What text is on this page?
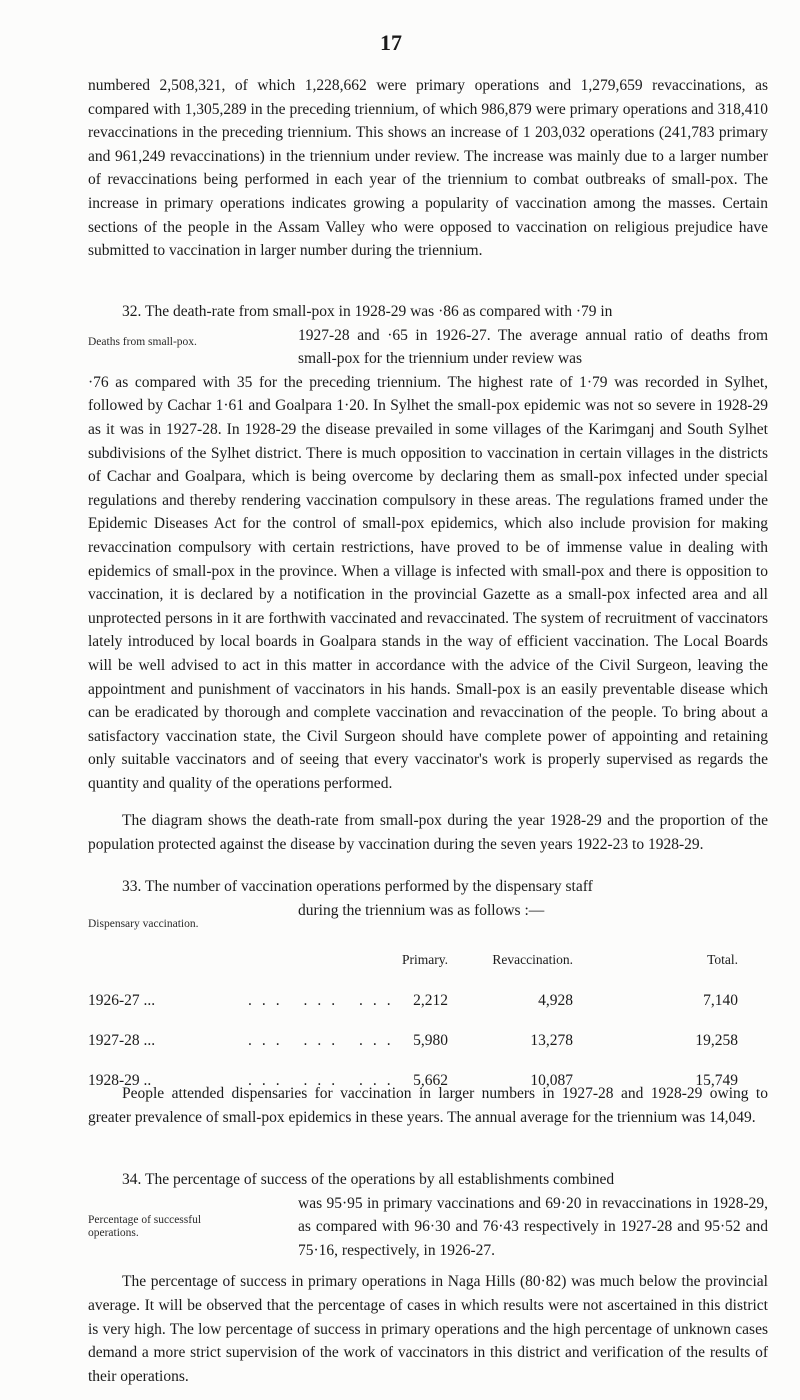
17

numbered 2,508,321, of which 1,228,662 were primary operations and 1,279,659 revaccinations, as compared with 1,305,289 in the preceding triennium, of which 986,879 were primary operations and 318,410 revaccinations in the preceding triennium. This shows an increase of 1 203,032 operations (241,783 primary and 961,249 revaccinations) in the triennium under review. The increase was mainly due to a larger number of revaccinations being performed in each year of the triennium to combat outbreaks of small-pox. The increase in primary operations indicates growing a popularity of vaccination among the masses. Certain sections of the people in the Assam Valley who were opposed to vaccination on religious prejudice have submitted to vaccination in larger number during the triennium.

32. The death-rate from small-pox in 1928-29 was ·86 as compared with ·79 in

1927-28 and ·65 in 1926-27. The average annual ratio of deaths from small-pox for the triennium under review was

·76 as compared with 35 for the preceding triennium. The highest rate of 1·79 was recorded in Sylhet, followed by Cachar 1·61 and Goalpara 1·20. In Sylhet the small-pox epidemic was not so severe in 1928-29 as it was in 1927-28. In 1928-29 the disease prevailed in some villages of the Karimganj and South Sylhet subdivisions of the Sylhet district. There is much opposition to vaccination in certain villages in the districts of Cachar and Goalpara, which is being overcome by declaring them as small-pox infected under special regulations and thereby rendering vaccination compulsory in these areas. The regulations framed under the Epidemic Diseases Act for the control of small-pox epidemics, which also include provision for making revaccination compulsory with certain restrictions, have proved to be of immense value in dealing with epidemics of small-pox in the province. When a village is infected with small-pox and there is opposition to vaccination, it is declared by a notification in the provincial Gazette as a small-pox infected area and all unprotected persons in it are forthwith vaccinated and revaccinated. The system of recruitment of vaccinators lately introduced by local boards in Goalpara stands in the way of efficient vaccination. The Local Boards will be well advised to act in this matter in accordance with the advice of the Civil Surgeon, leaving the appointment and punishment of vaccinators in his hands. Small-pox is an easily preventable disease which can be eradicated by thorough and complete vaccination and revaccination of the people. To bring about a satisfactory vaccination state, the Civil Surgeon should have complete power of appointing and retaining only suitable vaccinators and of seeing that every vaccinator's work is properly supervised as regards the quantity and quality of the operations performed.

The diagram shows the death-rate from small-pox during the year 1928-29 and the proportion of the population protected against the disease by vaccination during the seven years 1922-23 to 1928-29.

Deaths from small-pox.

33. The number of vaccination operations performed by the dispensary staff

during the triennium was as follows :—

Dispensary vaccination.
Primary.	Revaccination.	Total.
1926-27 ...	... ... ... 2,212	4,928	7,140
1927-28 ...	... ... ... 5,980	13,278	19,258
1928-29 ..	... ... ... 5,662	10,087	15,749

People attended dispensaries for vaccination in larger numbers in 1927-28 and 1928-29 owing to greater prevalence of small-pox epidemics in these years. The annual average for the triennium was 14,049.

34. The percentage of success of the operations by all establishments combined

was 95·95 in primary vaccinations and 69·20 in revaccinations in 1928-29, as compared with 96·30 and 76·43 respectively in 1927-28 and 95·52 and 75·16, respectively, in 1926-27.

The percentage of success in primary operations in Naga Hills (80·82) was much below the provincial average. It will be observed that the percentage of cases in which results were not ascertained in this district is very high. The low percentage of success in primary operations and the high percentage of unknown cases demand a more strict supervision of the work of vaccinators in this district and verification of the results of their operations.

Percentage of successful operations.
